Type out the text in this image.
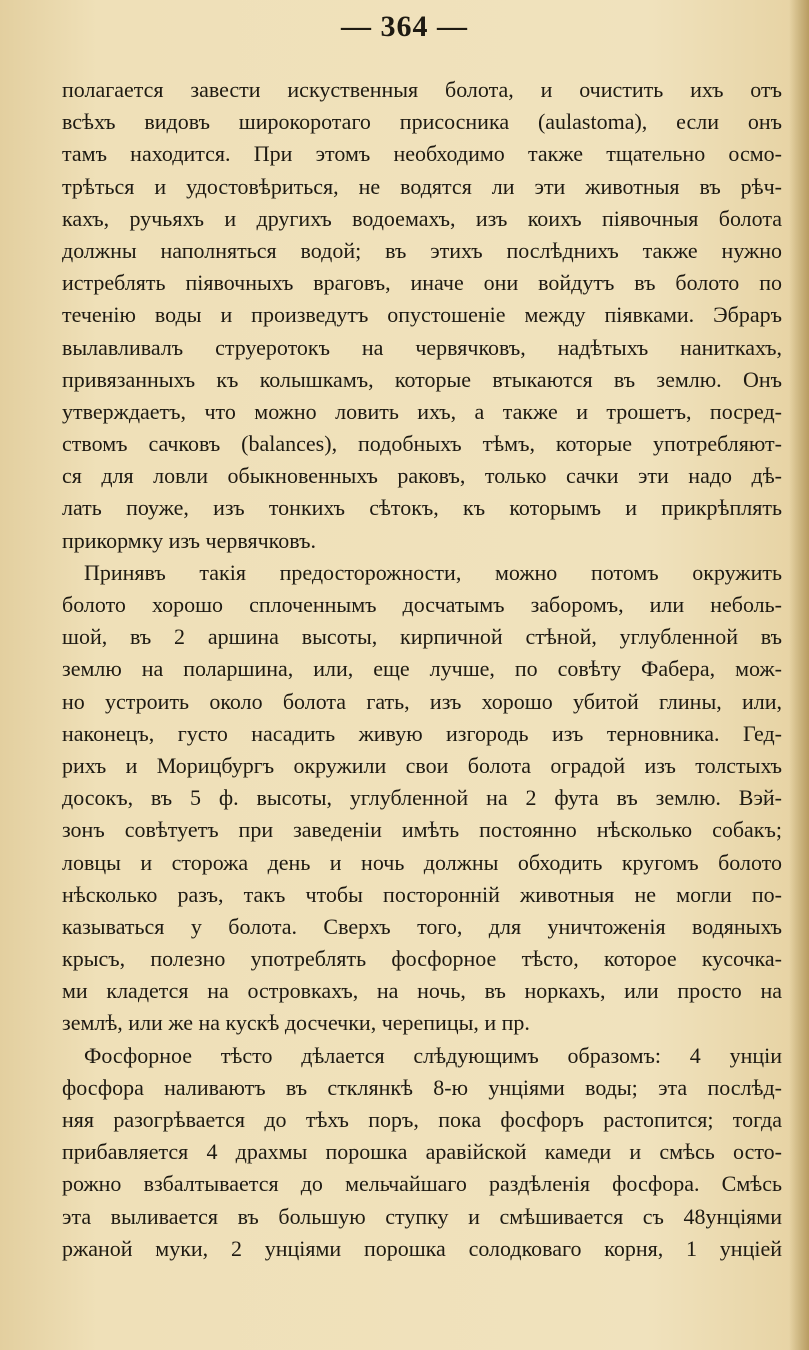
— 364 —
полагается завести искуственныя болота, и очистить ихъ отъ
всѣхъ видовъ широкоротаго присосника (aulastoma), если онъ
тамъ находится. При этомъ необходимо также тщательно осмо-
трѣться и удостовѣриться, не водятся ли эти животныя въ рѣч-
кахъ, ручьяхъ и другихъ водоемахъ, изъ коихъ піявочныя болота
должны наполняться водой; въ этихъ послѣднихъ также нужно
истреблять піявочныхъ враговъ, иначе они войдутъ въ болото по
теченію воды и произведутъ опустошеніе между піявками. Эбраръ
вылавливалъ струеротокъ на червячковъ, надѣтыхъ наниткахъ,
привязанныхъ къ колышкамъ, которые втыкаются въ землю. Онъ
утверждаетъ, что можно ловить ихъ, а также и трошетъ, посред-
ствомъ сачковъ (balances), подобныхъ тѣмъ, которые употребляют-
ся для ловли обыкновенныхъ раковъ, только сачки эти надо дѣ-
лать поуже, изъ тонкихъ сѣтокъ, къ которымъ и прикрѣплять
прикормку изъ червячковъ.
Принявъ такія предосторожности, можно потомъ окружить
болото хорошо сплоченнымъ досчатымъ заборомъ, или неболь-
шой, въ 2 аршина высоты, кирпичной стѣной, углубленной въ
землю на поларшина, или, еще лучше, по совѣту Фабера, мож-
но устроить около болота гать, изъ хорошо убитой глины, или,
наконецъ, густо насадить живую изгородь изъ терновника. Гед-
рихъ и Морицбургъ окружили свои болота оградой изъ толстыхъ
досокъ, въ 5 ф. высоты, углубленной на 2 фута въ землю. Вэй-
зонъ совѣтуетъ при заведеніи имѣть постоянно нѣсколько собакъ;
ловцы и сторожа день и ночь должны обходить кругомъ болото
нѣсколько разъ, такъ чтобы посторонній животныя не могли по-
казываться у болота. Сверхъ того, для уничтоженія водяныхъ
крысъ, полезно употреблять фосфорное тѣсто, которое кусочка-
ми кладется на островкахъ, на ночь, въ норкахъ, или просто на
землѣ, или же на кускѣ досчечки, черепицы, и пр.
Фосфорное тѣсто дѣлается слѣдующимъ образомъ: 4 унціи
фосфора наливаютъ въ стклянкѣ 8-ю унціями воды; эта послѣд-
няя разогрѣвается до тѣхъ поръ, пока фосфоръ растопится; тогда
прибавляется 4 драхмы порошка аравійской камеди и смѣсь осто-
рожно взбалтывается до мельчайшаго раздѣленія фосфора. Смѣсь
эта выливается въ большую ступку и смѣшивается съ 48унціями
ржаной муки, 2 унціями порошка солодковаго корня, 1 унціей
